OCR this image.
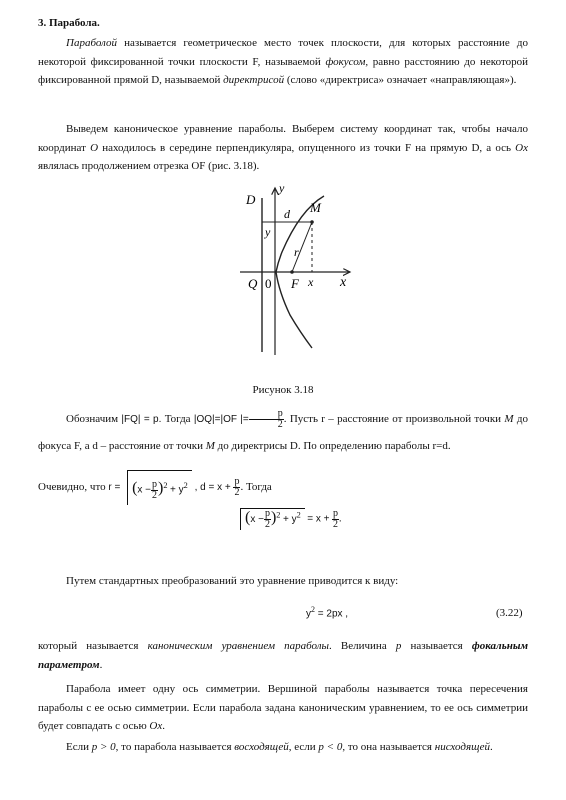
3. Парабола.

Параболой называется геометрическое место точек плоскости, для которых расстояние до некоторой фиксированной точки плоскости F, называемой фокусом, равно расстоянию до некоторой фиксированной прямой D, называемой директрисой (слово «директриса» означает «направляющая»).

Выведем каноническое уравнение параболы. Выберем систему координат так, чтобы начало координат O находилось в середине перпендикуляра, опущенного из точки F на прямую D, а ось Ox являлась продолжением отрезка OF (рис. 3.18).

D
y
d M
y
r
Q 0 F x x

Рисунок 3.18

Обозначим |FQ| = p. Тогда |OQ|=|OF |= $\frac{p}{2}$ . Пусть r – расстояние от произвольной точки M до фокуса F, а d – расстояние от точки M до директрисы D. По определению параболы r=d.

Очевидно, что $r = (x - \frac{p}{2} )^2 + y^2$ , $d = x + \frac{p}{2}$ . Тогда

$(x - \frac{p}{2} )^2 + y^2 = x + \frac{p}{2}$ .

Путем стандартных преобразований это уравнение приводится к виду:

$y^2 = 2px$ ,	(3.22)

который называется каноническим уравнением параболы. Величина p называется фокальным параметром.

Парабола имеет одну ось симметрии. Вершиной параболы называется точка пересечения параболы с ее осью симметрии. Если парабола задана каноническим уравнением, то ее ось симметрии будет совпадать с осью Ox.

Если p > 0, то парабола называется восходящей, если p < 0, то она называется нисходящей.
